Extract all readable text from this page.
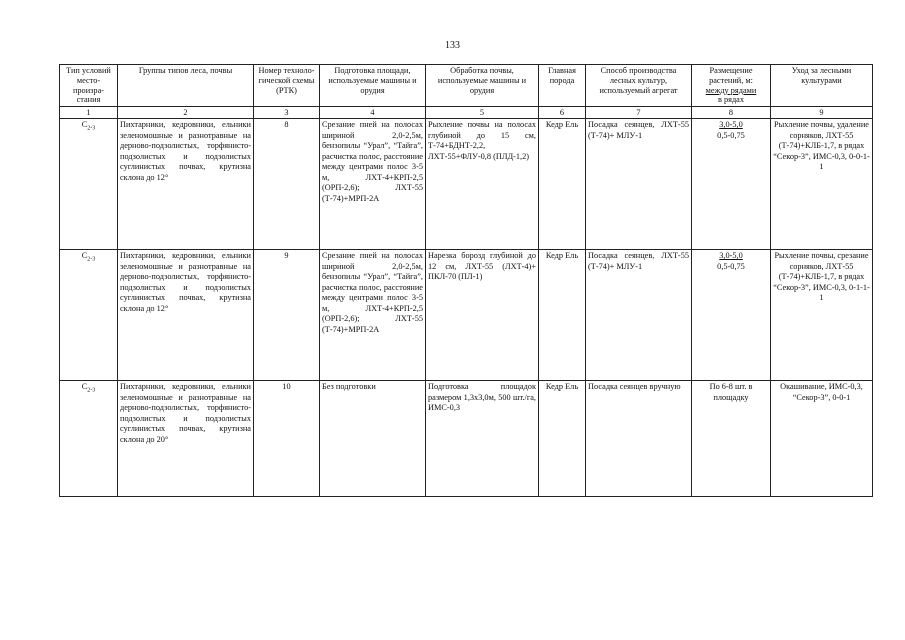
133
Тип условий место-произра-стания	Группы типов леса, почвы	Номер техноло-гической схемы (РТК)	Подготовка площади, используемые машины и орудия	Обработка почвы, используемые машины и орудия	Главная порода	Способ производства лесных культур, используемый агрегат	Размещение
растений, м:
между рядами
в рядах	Уход за лесными культурами
1	2	3	4	5	6	7	8	9
$С_{2-3}$	Пихтарники, кедровники, ельники зеленомошные и разнотравные на дерново-подзолистых, торфянисто-подзолистых и подзолистых суглинистых почвах, крутизна склона до 12°	8	Срезание пней на полосах шириной 2,0-2,5м, бензопилы “Урал”, “Тайга”, расчистка полос, расстояние между центрами полос 3-5 м, ЛХТ-4+КРП-2,5 (ОРП-2,6); ЛХТ-55 (Т-74)+МРП-2А	Рыхление почвы на полосах глубиной до 15 см, Т-74+БДНТ-2,2, ЛХТ-55+ФЛУ-0,8 (ПЛД-1,2)	Кедр Ель	Посадка сеянцев, ЛХТ-55 (Т-74)+ МЛУ-1	3,0-5,0
0,5-0,75	Рыхление почвы, удаление сорняков, ЛХТ-55 (Т-74)+КЛБ-1,7, в рядах “Секор-3”, ИМС-0,3, 0-0-1-1
$С_{2-3}$	Пихтарники, кедровники, ельники зеленомошные и разнотравные на дерново-подзолистых, торфянисто-подзолистых и подзолистых суглинистых почвах, крутизна склона до 12°	9	Срезание пней на полосах шириной 2,0-2,5м, бензопилы “Урал”, “Тайга”, расчистка полос, расстояние между центрами полос 3-5 м, ЛХТ-4+КРП-2,5 (ОРП-2,6); ЛХТ-55 (Т-74)+МРП-2А	Нарезка борозд глубиной до 12 см, ЛХТ-55 (ЛХТ-4)+ ПКЛ-70 (ПЛ-1)	Кедр Ель	Посадка сеянцев, ЛХТ-55 (Т-74)+ МЛУ-1	3,0-5,0
0,5-0,75	Рыхление почвы, срезание сорняков, ЛХТ-55 (Т-74)+КЛБ-1,7, в рядах “Секор-3”, ИМС-0,3, 0-1-1-1
$С_{2-3}$	Пихтарники, кедровники, ельники зеленомошные и разнотравные на дерново-подзолистых, торфянисто-подзолистых и подзолистых суглинистых почвах, крутизна склона до 20°	10	Без подготовки	Подготовка площадок размером 1,3х3,0м, 500 шт./га, ИМС-0,3	Кедр Ель	Посадка сеянцев вручную	По 6-8 шт. в площадку	Окашивание, ИМС-0,3, “Секор-3”, 0-0-1
